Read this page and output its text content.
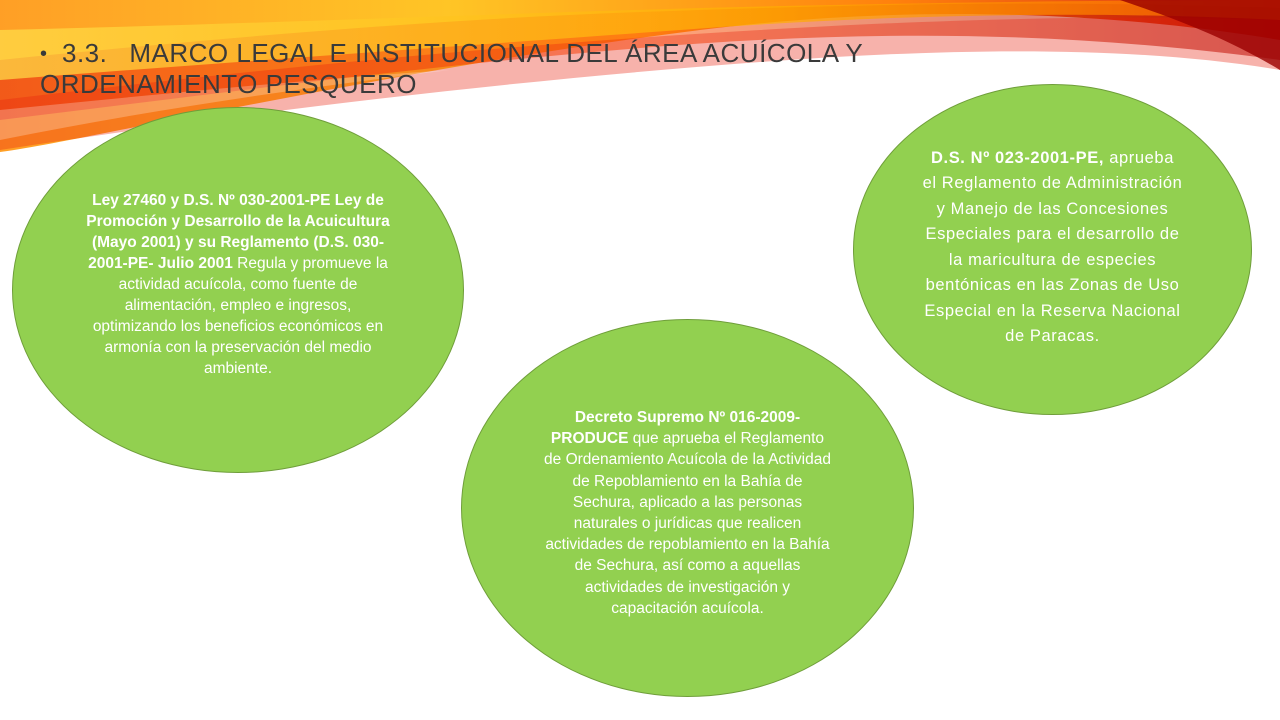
• 3.3. MARCO LEGAL E INSTITUCIONAL DEL ÁREA ACUÍCOLA Y ORDENAMIENTO PESQUERO
Ley 27460 y D.S. Nº 030-2001-PE Ley de Promoción y Desarrollo de la Acuicultura (Mayo 2001) y su Reglamento (D.S. 030-2001-PE- Julio 2001 Regula y promueve la actividad acuícola, como fuente de alimentación, empleo e ingresos, optimizando los beneficios económicos en armonía con la preservación del medio ambiente.
D.S. Nº 023-2001-PE, aprueba el Reglamento de Administración y Manejo de las Concesiones Especiales para el desarrollo de la maricultura de especies bentónicas en las Zonas de Uso Especial en la Reserva Nacional de Paracas.
Decreto Supremo Nº 016-2009-PRODUCE que aprueba el Reglamento de Ordenamiento Acuícola de la Actividad de Repoblamiento en la Bahía de Sechura, aplicado a las personas naturales o jurídicas que realicen actividades de repoblamiento en la Bahía de Sechura, así como a aquellas actividades de investigación y capacitación acuícola.
